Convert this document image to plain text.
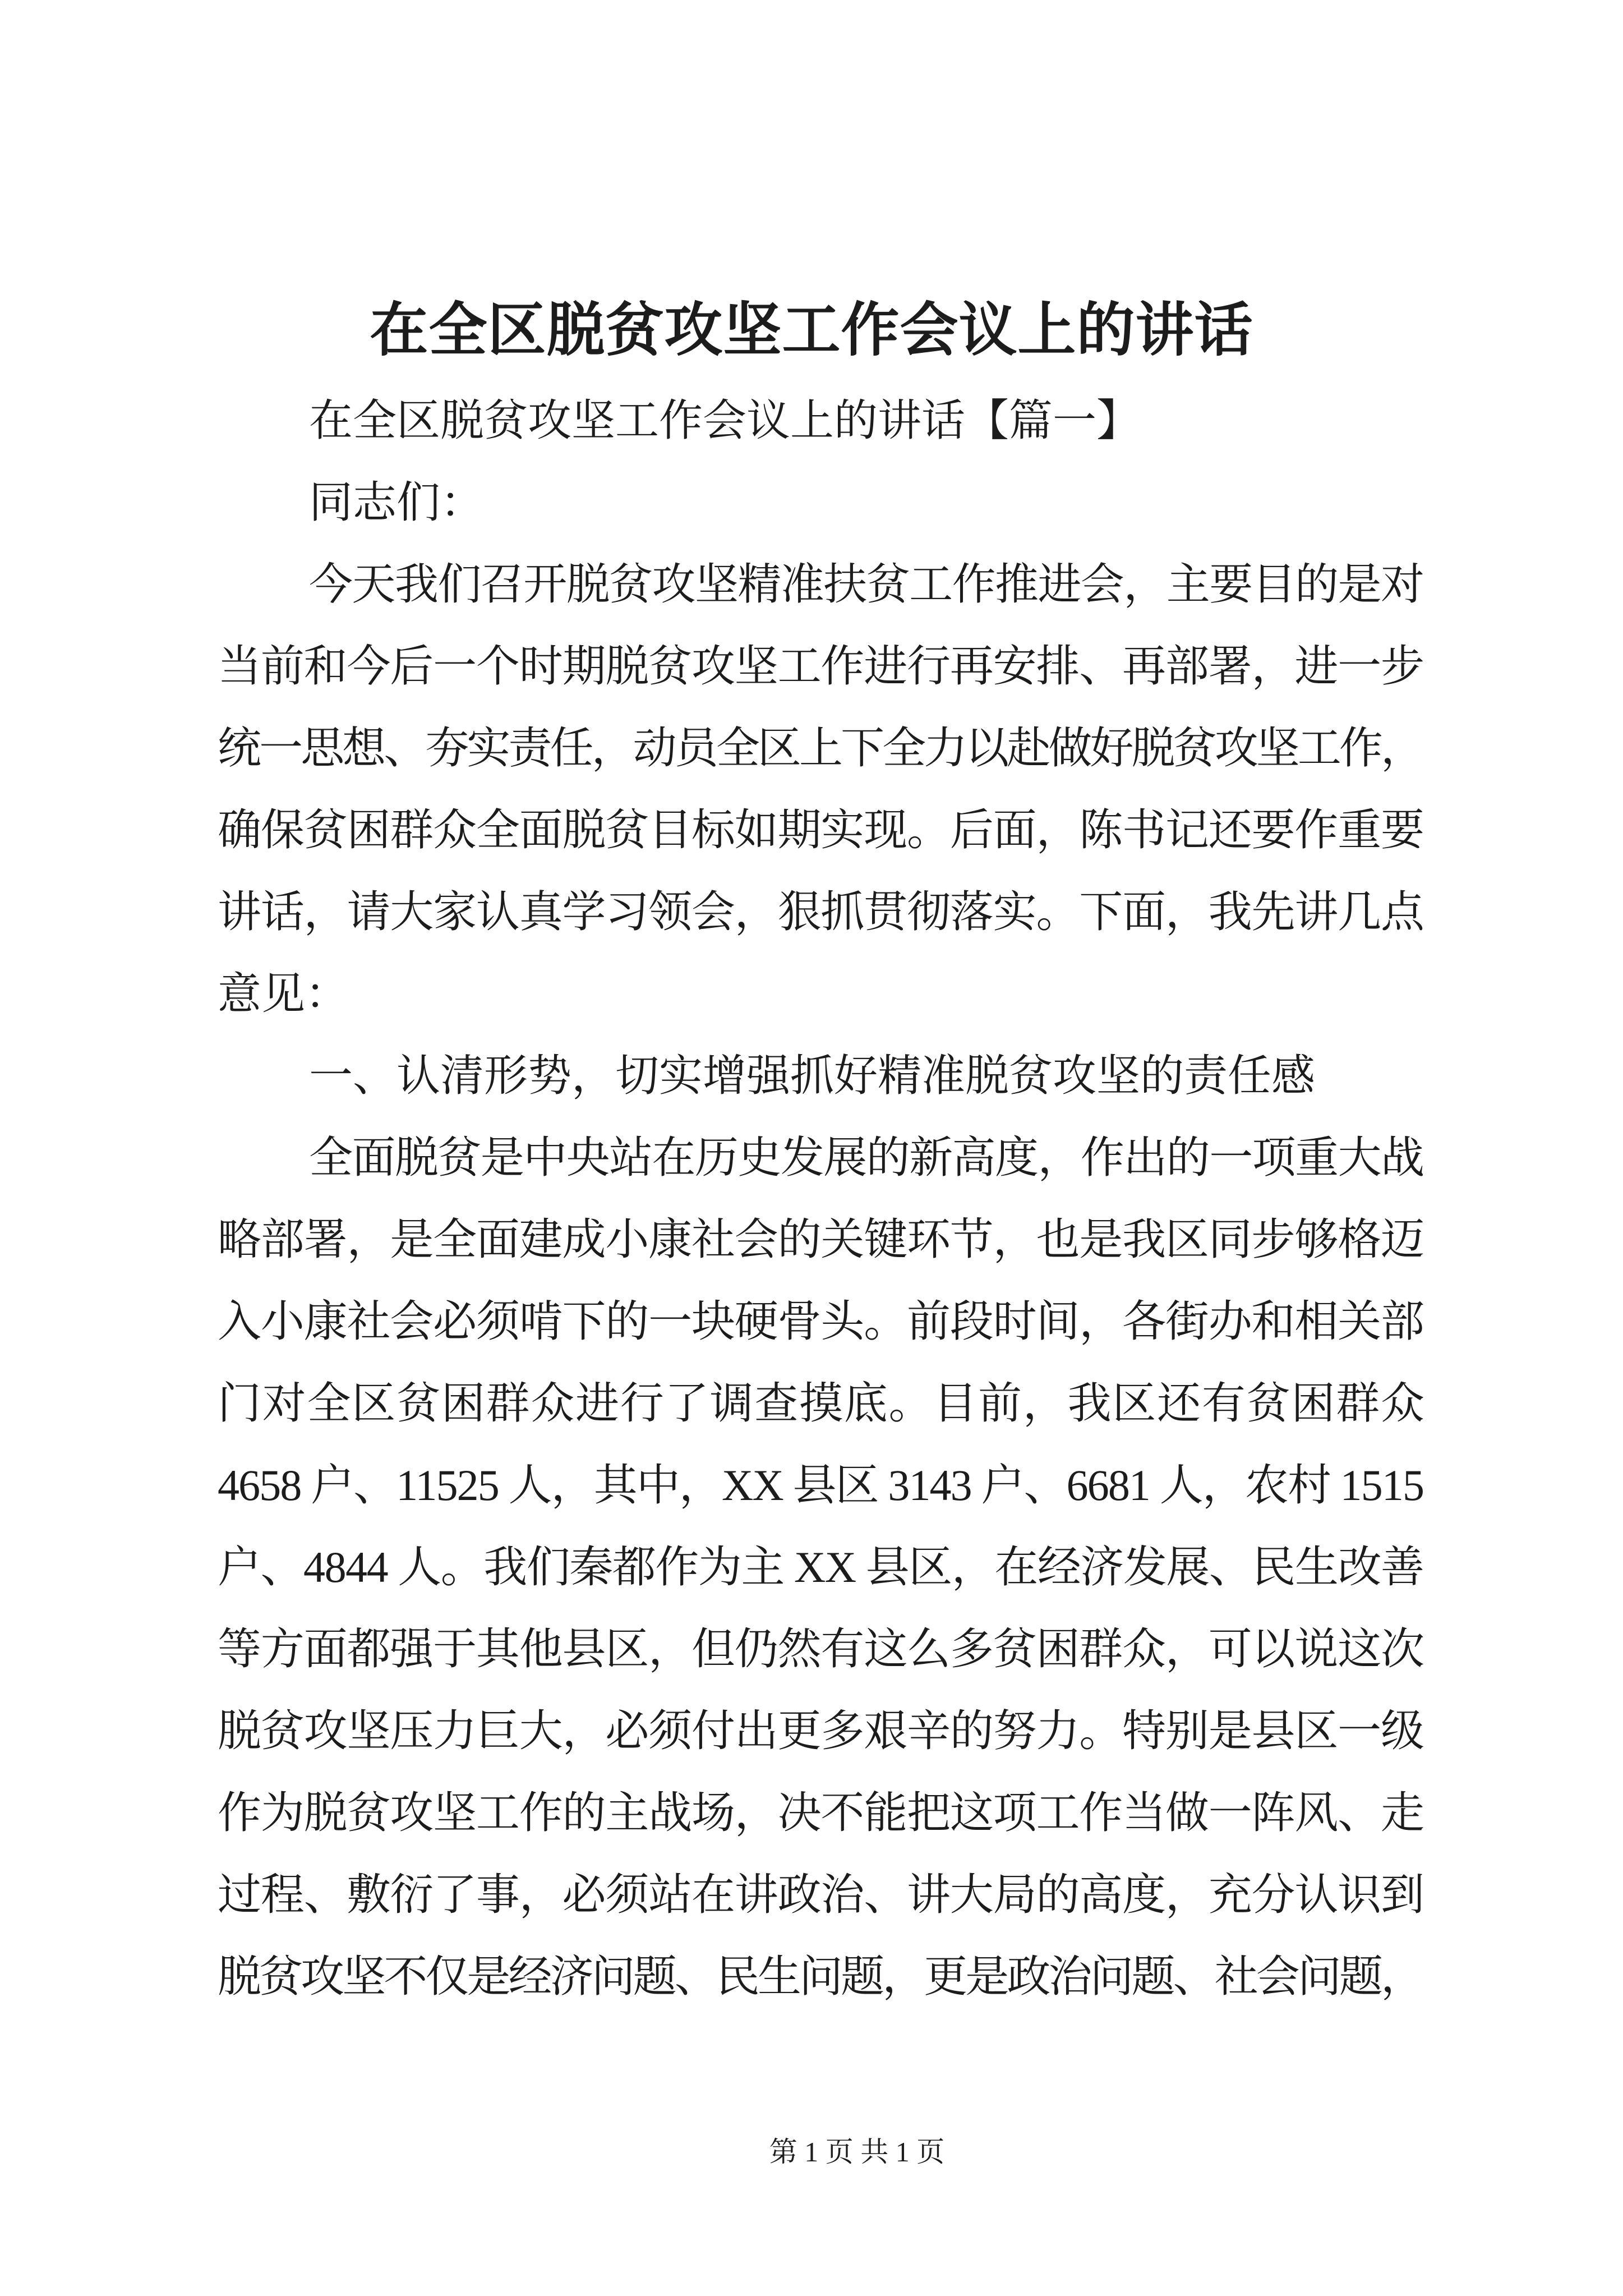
在全区脱贫攻坚工作会议上的讲话
在全区脱贫攻坚工作会议上的讲话【篇一】
同志们：
今天我们召开脱贫攻坚精准扶贫工作推进会，主要目的是对
当前和今后一个时期脱贫攻坚工作进行再安排、再部署，进一步
统一思想、夯实责任，动员全区上下全力以赴做好脱贫攻坚工作，
确保贫困群众全面脱贫目标如期实现。后面，陈书记还要作重要
讲话，请大家认真学习领会，狠抓贯彻落实。下面，我先讲几点
意见：
一、认清形势，切实增强抓好精准脱贫攻坚的责任感
全面脱贫是中央站在历史发展的新高度，作出的一项重大战
略部署，是全面建成小康社会的关键环节，也是我区同步够格迈
入小康社会必须啃下的一块硬骨头。前段时间，各街办和相关部
门对全区贫困群众进行了调查摸底。目前，我区还有贫困群众
4658 户、11525 人，其中，XX 县区 3143 户、6681 人，农村 1515
户、4844 人。我们秦都作为主 XX 县区，在经济发展、民生改善
等方面都强于其他县区，但仍然有这么多贫困群众，可以说这次
脱贫攻坚压力巨大，必须付出更多艰辛的努力。特别是县区一级
作为脱贫攻坚工作的主战场，决不能把这项工作当做一阵风、走
过程、敷衍了事，必须站在讲政治、讲大局的高度，充分认识到
脱贫攻坚不仅是经济问题、民生问题，更是政治问题、社会问题，
第 1 页 共 1 页
